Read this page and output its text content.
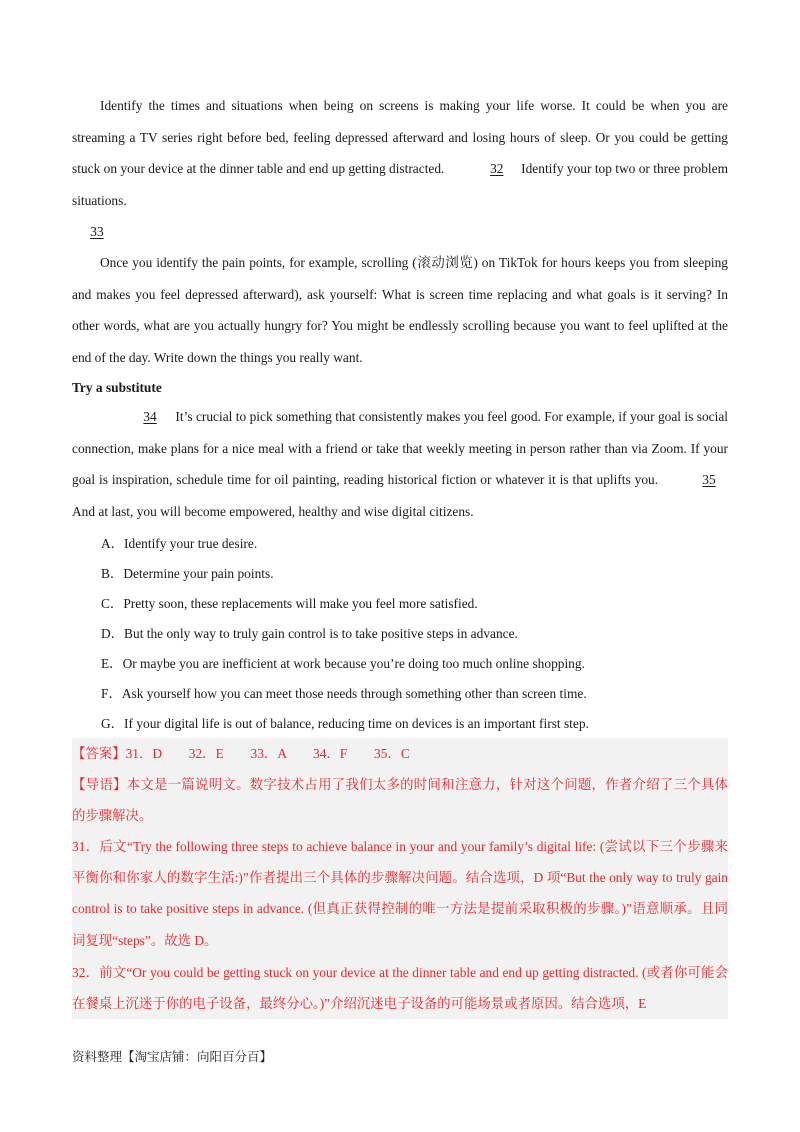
Identify the times and situations when being on screens is making your life worse. It could be when you are streaming a TV series right before bed, feeling depressed afterward and losing hours of sleep. Or you could be getting stuck on your device at the dinner table and end up getting distracted.	32 Identify your top two or three problem situations.

33

Once you identify the pain points, for example, scrolling (滚动浏览) on TikTok for hours keeps you from sleeping and makes you feel depressed afterward), ask yourself: What is screen time replacing and what goals is it serving? In other words, what are you actually hungry for? You might be endlessly scrolling because you want to feel uplifted at the end of the day. Write down the things you really want.

Try a substitute

34 It’s crucial to pick something that consistently makes you feel good. For example, if your goal is social connection, make plans for a nice meal with a friend or take that weekly meeting in person rather than via Zoom. If your goal is inspiration, schedule time for oil painting, reading historical fiction or whatever it is that uplifts you.	35 And at last, you will become empowered, healthy and wise digital citizens.

A．Identify your true desire.
B．Determine your pain points.
C．Pretty soon, these replacements will make you feel more satisfied.
D．But the only way to truly gain control is to take positive steps in advance.
E．Or maybe you are inefficient at work because you’re doing too much online shopping.
F．Ask yourself how you can meet those needs through something other than screen time.
G．If your digital life is out of balance, reducing time on devices is an important first step.
【答案】31．D　　32．E　　33．A　　34．F　　35．C

【导语】本文是一篇说明文。数字技术占用了我们太多的时间和注意力，针对这个问题，作者介绍了三个具体的步骤解决。

31．后文“Try the following three steps to achieve balance in your and your family’s digital life: (尝试以下三个步骤来平衡你和你家人的数字生活:)”作者提出三个具体的步骤解决问题。结合选项，D 项“But the only way to truly gain control is to take positive steps in advance. (但真正获得控制的唯一方法是提前采取积极的步骤。)”语意顺承。且同词复现“steps”。故选 D。

32．前文“Or you could be getting stuck on your device at the dinner table and end up getting distracted. (或者你可能会在餐桌上沉迷于你的电子设备，最终分心。)”介绍沉迷电子设备的可能场景或者原因。结合选项，E

资料整理【淘宝店铺：向阳百分百】
